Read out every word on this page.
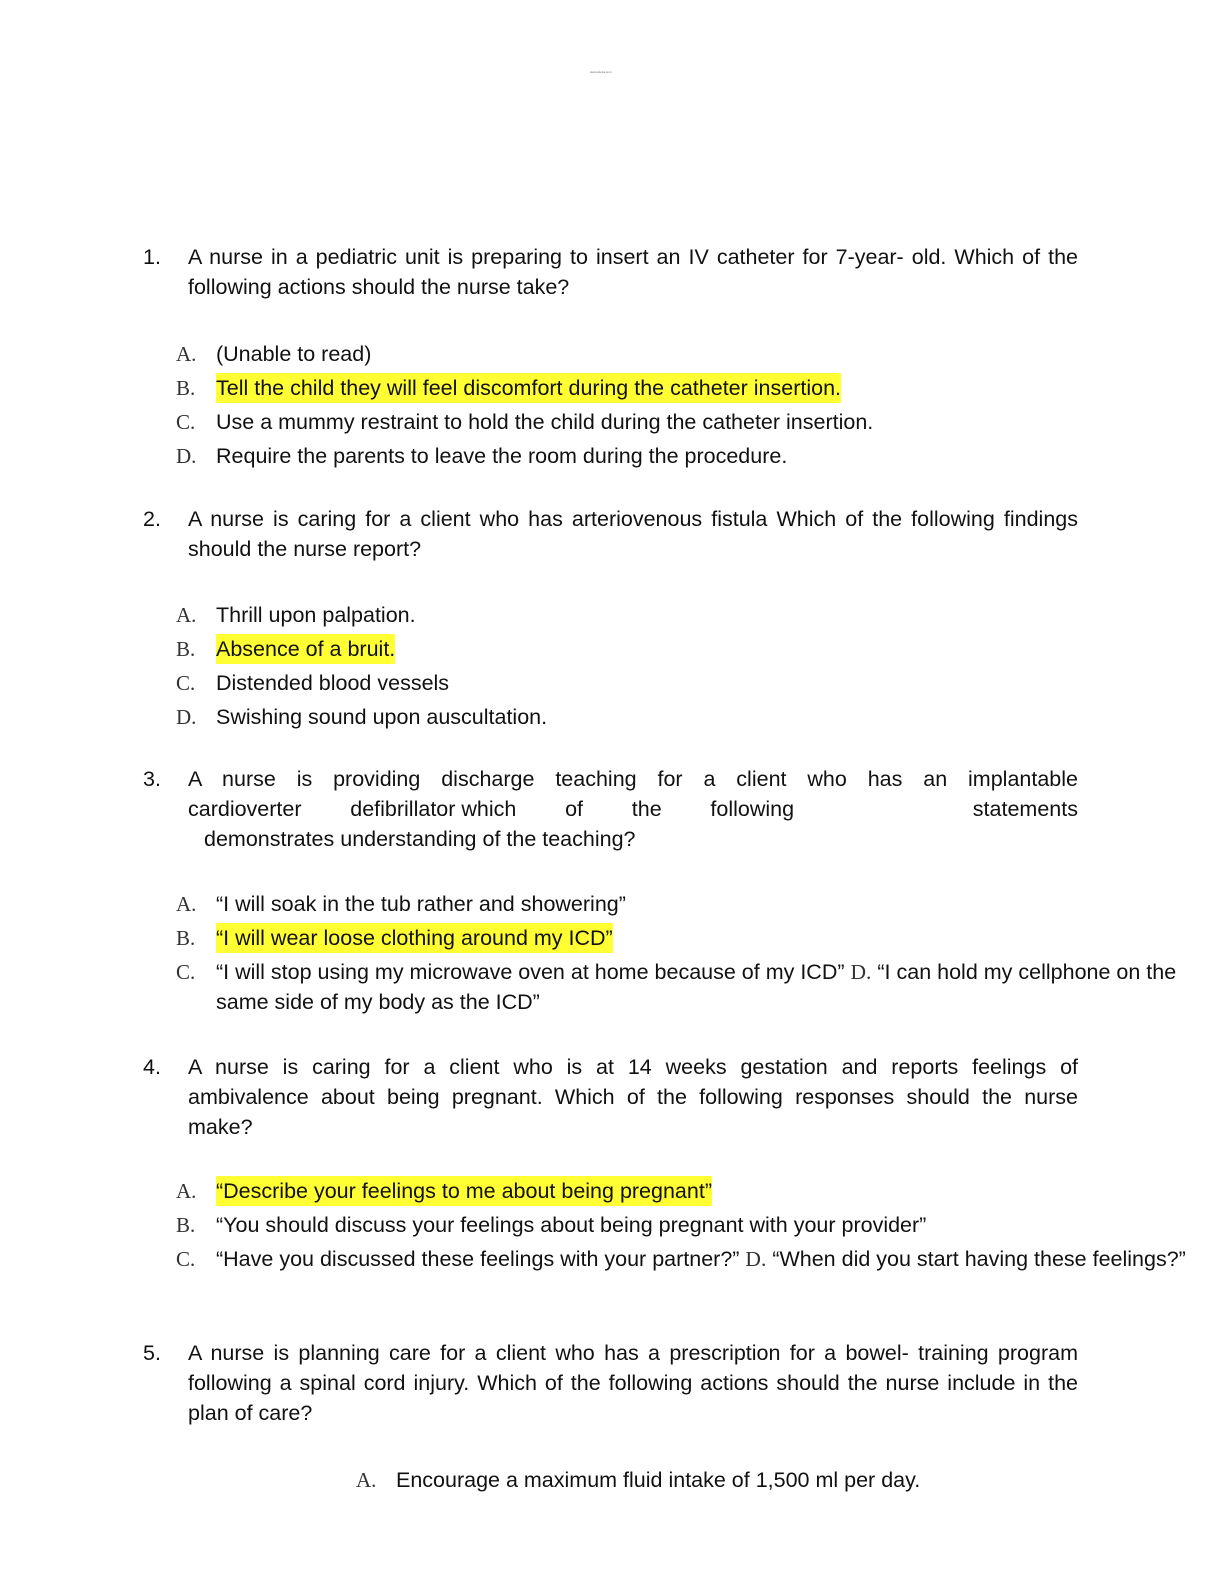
www.stuvia.com
1. A nurse in a pediatric unit is preparing to insert an IV catheter for 7-year- old. Which of the following actions should the nurse take?
A. (Unable to read)
B. Tell the child they will feel discomfort during the catheter insertion.
C. Use a mummy restraint to hold the child during the catheter insertion.
D. Require the parents to leave the room during the procedure.
2. A nurse is caring for a client who has arteriovenous fistula Which of the following findings should the nurse report?
A. Thrill upon palpation.
B. Absence of a bruit.
C. Distended blood vessels
D. Swishing sound upon auscultation.
3. A nurse is providing discharge teaching for a client who has an implantable
cardioverter defibrillator which of the following	statements
demonstrates understanding of the teaching?
A. “I will soak in the tub rather and showering”
B. “I will wear loose clothing around my ICD”
C. “I will stop using my microwave oven at home because of my ICD” D. “I can hold my cellphone on the same side of my body as the ICD”
4. A nurse is caring for a client who is at 14 weeks gestation and reports feelings of ambivalence about being pregnant. Which of the following responses should the nurse make?
A. “Describe your feelings to me about being pregnant”
B. “You should discuss your feelings about being pregnant with your provider”
C. “Have you discussed these feelings with your partner?” D. “When did you start having these feelings?”
5. A nurse is planning care for a client who has a prescription for a bowel- training program following a spinal cord injury. Which of the following actions should the nurse include in the plan of care?
A. Encourage a maximum fluid intake of 1,500 ml per day.
